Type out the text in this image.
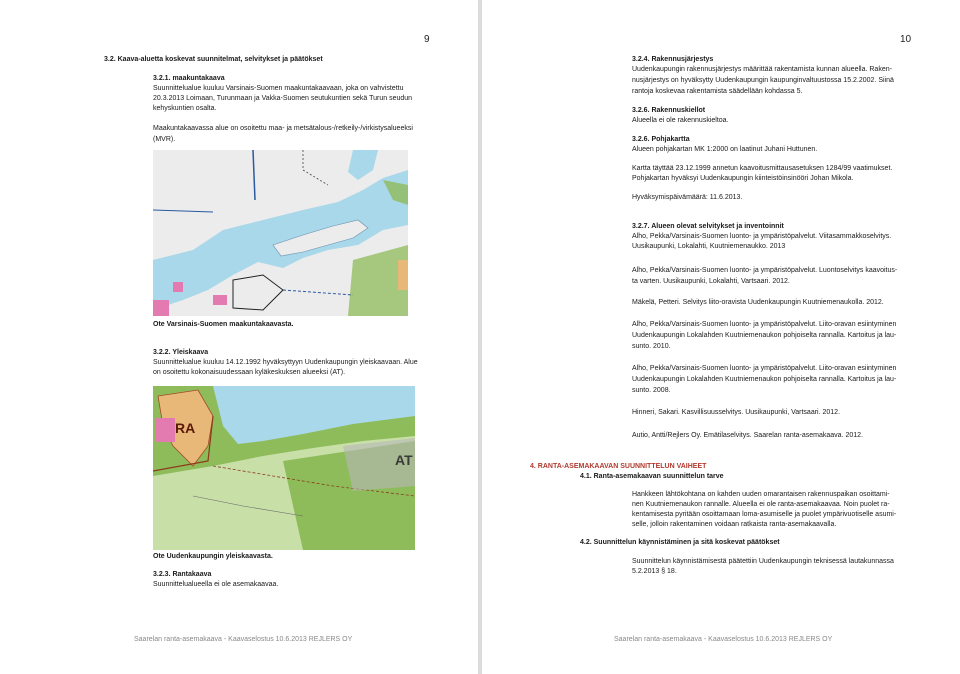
9
3.2. Kaava-aluetta koskevat suunnitelmat, selvitykset ja päätökset
3.2.1. maakuntakaava
Suunnittelualue kuuluu Varsinais-Suomen maakuntakaavaan, joka on vahvistettu
20.3.2013 Loimaan, Turunmaan ja Vakka-Suomen seutukuntien sekä Turun seudun
kehyskuntien osalta.
Maakuntakaavassa alue on osoitettu maa- ja metsätalous-/retkeily-/virkistysalueeksi
(MVR).
Ote Varsinais-Suomen maakuntakaavasta.
3.2.2. Yleiskaava
Suunnittelualue kuuluu 14.12.1992 hyväksyttyyn Uudenkaupungin yleiskaavaan. Alue
on osoitettu kokonaisuudessaan kyläkeskuksen alueeksi (AT).
RA
AT
Ote Uudenkaupungin yleiskaavasta.
3.2.3. Rantakaava
Suunnittelualueella ei ole asemakaavaa.
Saarelan ranta-asemakaava - Kaavaselostus 10.6.2013 REJLERS OY
10
3.2.4. Rakennusjärjestys
Uudenkaupungin rakennusjärjestys määrittää rakentamista kunnan alueella. Raken-
nusjärjestys on hyväksytty Uudenkaupungin kaupunginvaltuustossa 15.2.2002. Siinä
rantoja koskevaa rakentamista säädellään kohdassa 5.
3.2.6. Rakennuskiellot
Alueella ei ole rakennuskieltoa.
3.2.6. Pohjakartta
Alueen pohjakartan MK 1:2000 on laatinut Juhani Huttunen.
Kartta täyttää 23.12.1999 annetun kaavoitusmittausasetuksen 1284/99 vaatimukset.
Pohjakartan hyväksyi Uudenkaupungin kiinteistöinsinööri Johan Mikola.
Hyväksymispäivämäärä: 11.6.2013.
3.2.7. Alueen olevat selvitykset ja inventoinnit
Alho, Pekka/Varsinais-Suomen luonto- ja ympäristöpalvelut. Viitasammakkoselvitys.
Uusikaupunki, Lokalahti, Kuutniemenaukko. 2013
Alho, Pekka/Varsinais-Suomen luonto- ja ympäristöpalvelut. Luontoselvitys kaavoitus-
ta varten. Uusikaupunki, Lokalahti, Vartsaari. 2012.
Mäkelä, Petteri. Selvitys liito-oravista Uudenkaupungin Kuutniemenaukolla. 2012.
Alho, Pekka/Varsinais-Suomen luonto- ja ympäristöpalvelut. Liito-oravan esiintyminen
Uudenkaupungin Lokalahden Kuutniemenaukon pohjoiselta rannalla. Kartoitus ja lau-
sunto. 2010.
Alho, Pekka/Varsinais-Suomen luonto- ja ympäristöpalvelut. Liito-oravan esiintyminen
Uudenkaupungin Lokalahden Kuutniemenaukon pohjoiselta rannalla. Kartoitus ja lau-
sunto. 2008.
Hinneri, Sakari. Kasvillisuusselvitys. Uusikaupunki, Vartsaari. 2012.
Autio, Antti/Rejlers Oy. Emätilaselvitys. Saarelan ranta-asemakaava. 2012.
4. RANTA-ASEMAKAAVAN SUUNNITTELUN VAIHEET
4.1. Ranta-asemakaavan suunnittelun tarve
Hankkeen lähtökohtana on kahden uuden omarantaisen rakennuspaikan osoittami-
nen Kuutniemenaukon rannalle. Alueella ei ole ranta-asemakaavaa. Noin puolet ra-
kentamisesta pyritään osoittamaan loma-asumiselle ja puolet ympärivuotiselle asumi-
selle, jolloin rakentaminen voidaan ratkaista ranta-asemakaavalla.
4.2. Suunnittelun käynnistäminen ja sitä koskevat päätökset
Suunnittelun käynnistämisestä päätettiin Uudenkaupungin teknisessä lautakunnassa
5.2.2013 § 18.
Saarelan ranta-asemakaava - Kaavaselostus 10.6.2013 REJLERS OY
